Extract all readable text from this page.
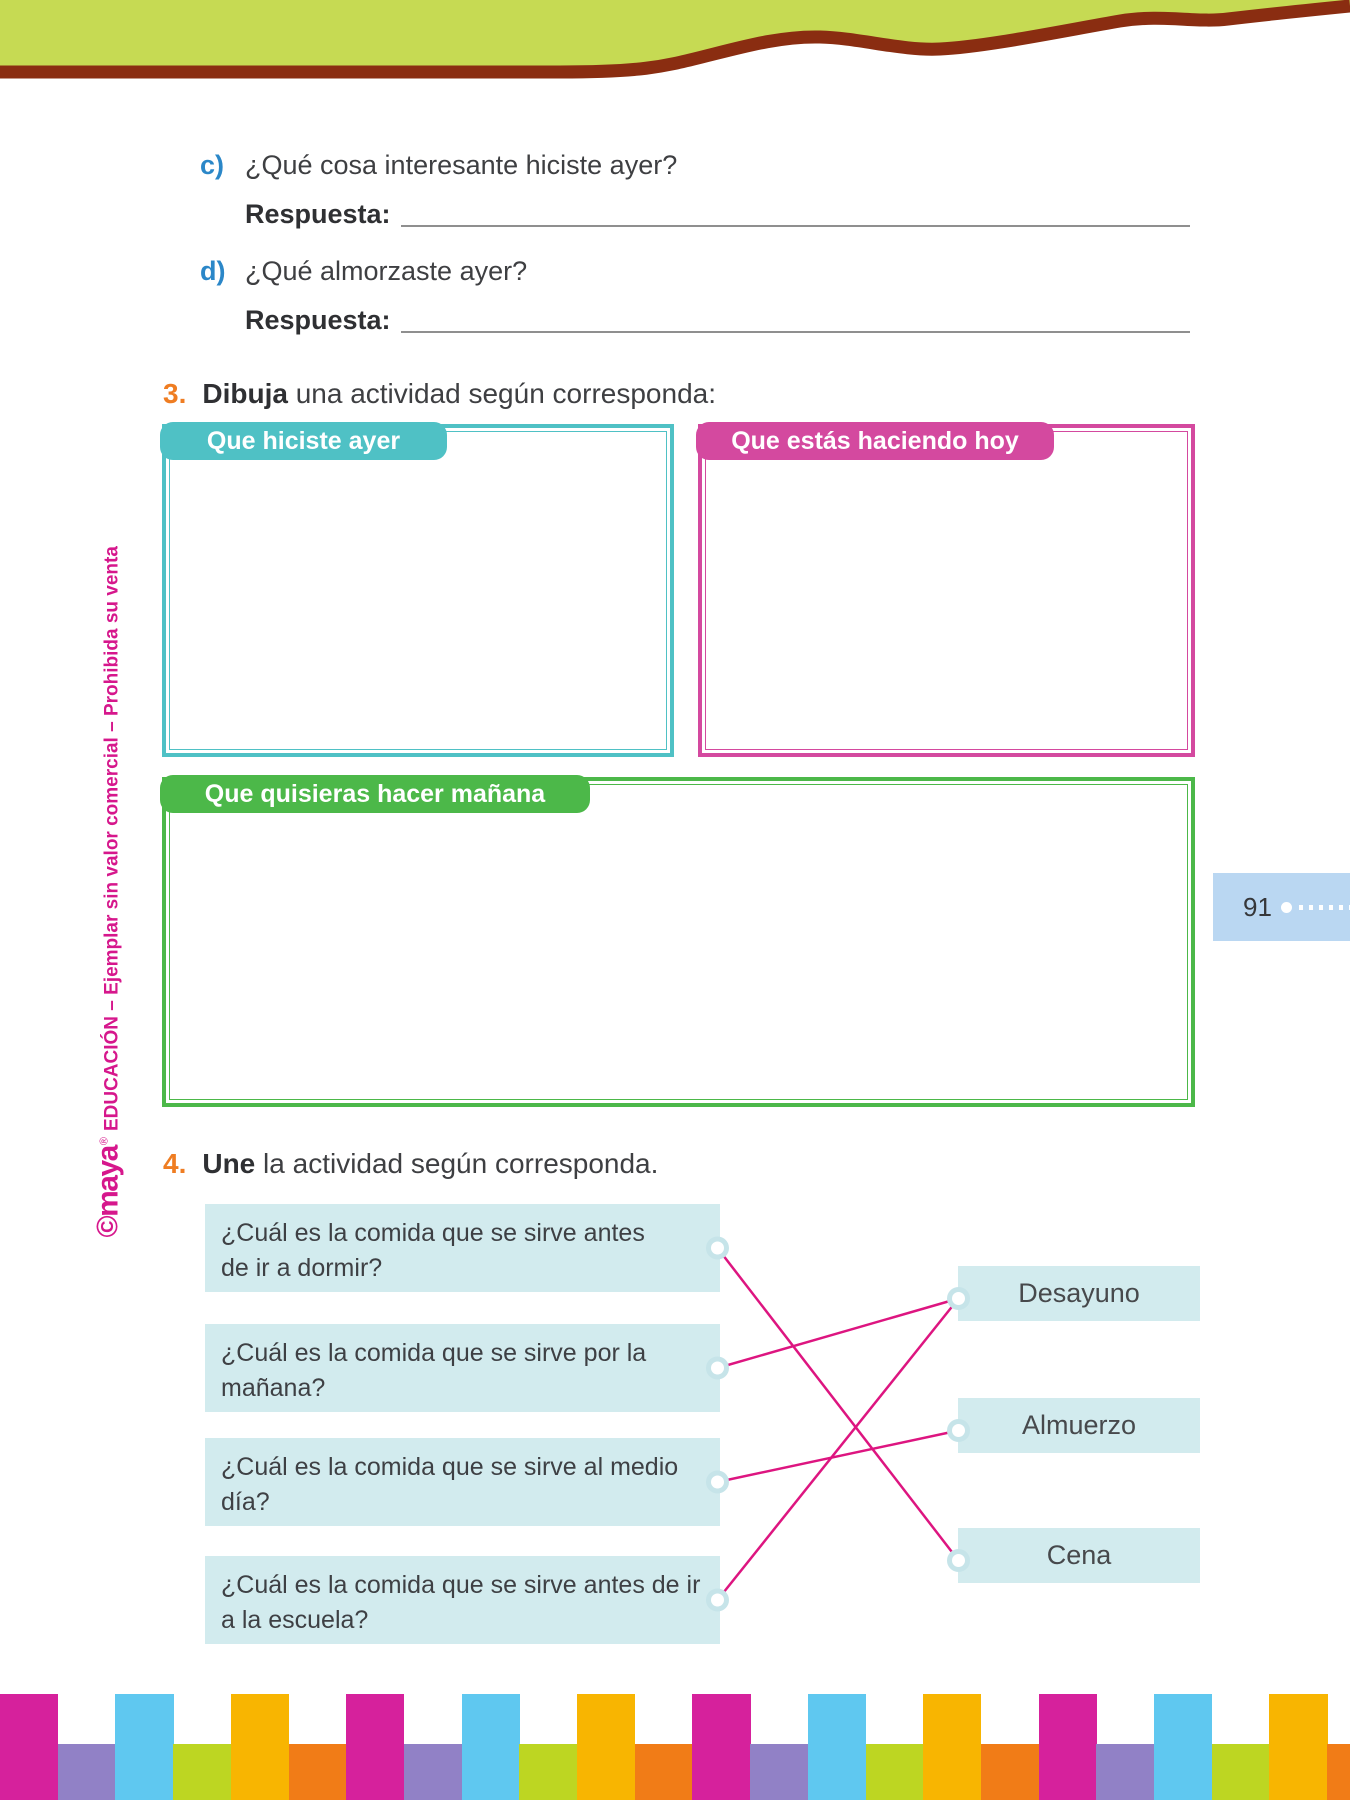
©maya
®
EDUCACIÓN – Ejemplar sin valor comercial – Prohibida su venta
c) ¿Qué cosa interesante hiciste ayer?
Respuesta:
d) ¿Qué almorzaste ayer?
Respuesta:
3. Dibuja una actividad según corresponda:
Que hiciste ayer	Que estás haciendo hoy
Que quisieras hacer mañana
91
4. Une la actividad según corresponda.
¿Cuál es la comida que se sirve antes
de ir a dormir?
¿Cuál es la comida que se sirve por la
mañana?
¿Cuál es la comida que se sirve al medio
día?
¿Cuál es la comida que se sirve antes de ir
a la escuela?
Desayuno
Almuerzo
Cena
